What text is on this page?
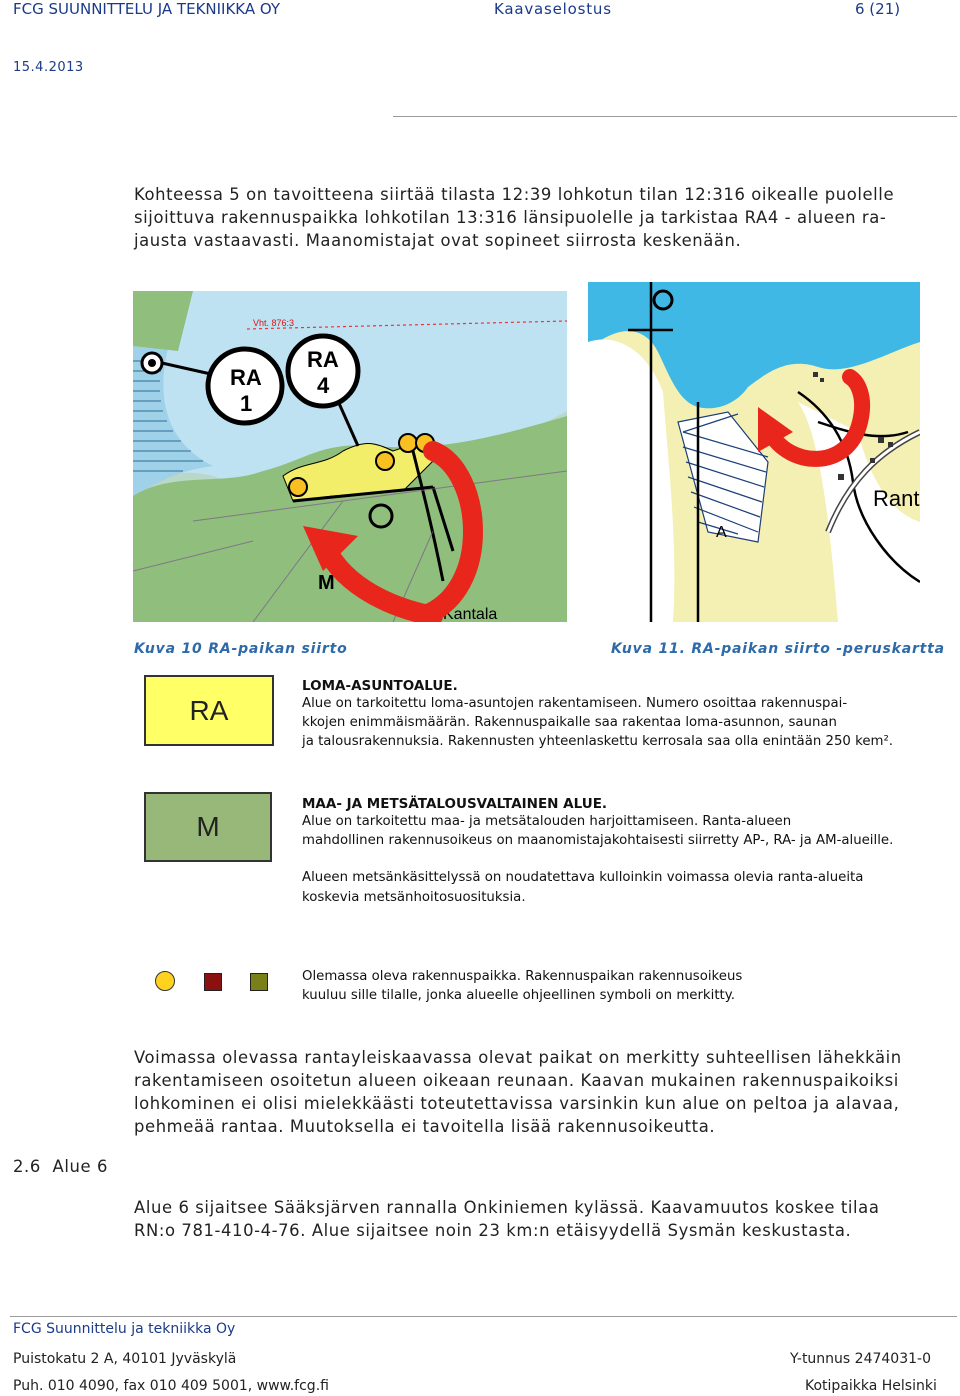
FCG SUUNNITTELU JA TEKNIIKKA OY	Kaavaselostus	6 (21)
15.4.2013
Kohteessa 5 on tavoitteena siirtää tilasta 12:39 lohkotun tilan 12:316 oikealle puolelle
sijoittuva rakennuspaikka lohkotilan 13:316 länsipuolelle ja tarkistaa RA4 - alueen ra-
jausta vastaavasti. Maanomistajat ovat sopineet siirrosta keskenään.
Vht. 876:3
RA
1
RA
4
M
Kantala
Rant
A
Kuva 10 RA-paikan siirto	Kuva 11. RA-paikan siirto -peruskartta
RA
LOMA-ASUNTOALUE.
Alue on tarkoitettu loma-asuntojen rakentamiseen. Numero osoittaa rakennuspai-
kkojen enimmäismäärän. Rakennuspaikalle saa rakentaa loma-asunnon, saunan
ja talousrakennuksia. Rakennusten yhteenlaskettu kerrosala saa olla enintään 250 kem².
M
MAA- JA METSÄTALOUSVALTAINEN ALUE.
Alue on tarkoitettu maa- ja metsätalouden harjoittamiseen. Ranta-alueen
mahdollinen rakennusoikeus on maanomistajakohtaisesti siirretty AP-, RA- ja AM-alueille.
Alueen metsänkäsittelyssä on noudatettava kulloinkin voimassa olevia ranta-alueita
koskevia metsänhoitosuosituksia.
Olemassa oleva rakennuspaikka. Rakennuspaikan rakennusoikeus
kuuluu sille tilalle, jonka alueelle ohjeellinen symboli on merkitty.
Voimassa olevassa rantayleiskaavassa olevat paikat on merkitty suhteellisen lähekkäin
rakentamiseen osoitetun alueen oikeaan reunaan. Kaavan mukainen rakennuspaikoiksi
lohkominen ei olisi mielekkäästi toteutettavissa varsinkin kun alue on peltoa ja alavaa,
pehmeää rantaa. Muutoksella ei tavoitella lisää rakennusoikeutta.
2.6 Alue 6
Alue 6 sijaitsee Sääksjärven rannalla Onkiniemen kylässä. Kaavamuutos koskee tilaa
RN:o 781-410-4-76. Alue sijaitsee noin 23 km:n etäisyydellä Sysmän keskustasta.
FCG Suunnittelu ja tekniikka Oy
Puistokatu 2 A, 40101 Jyväskylä	Y-tunnus 2474031-0
Puh. 010 4090, fax 010 409 5001, www.fcg.fi	Kotipaikka Helsinki
